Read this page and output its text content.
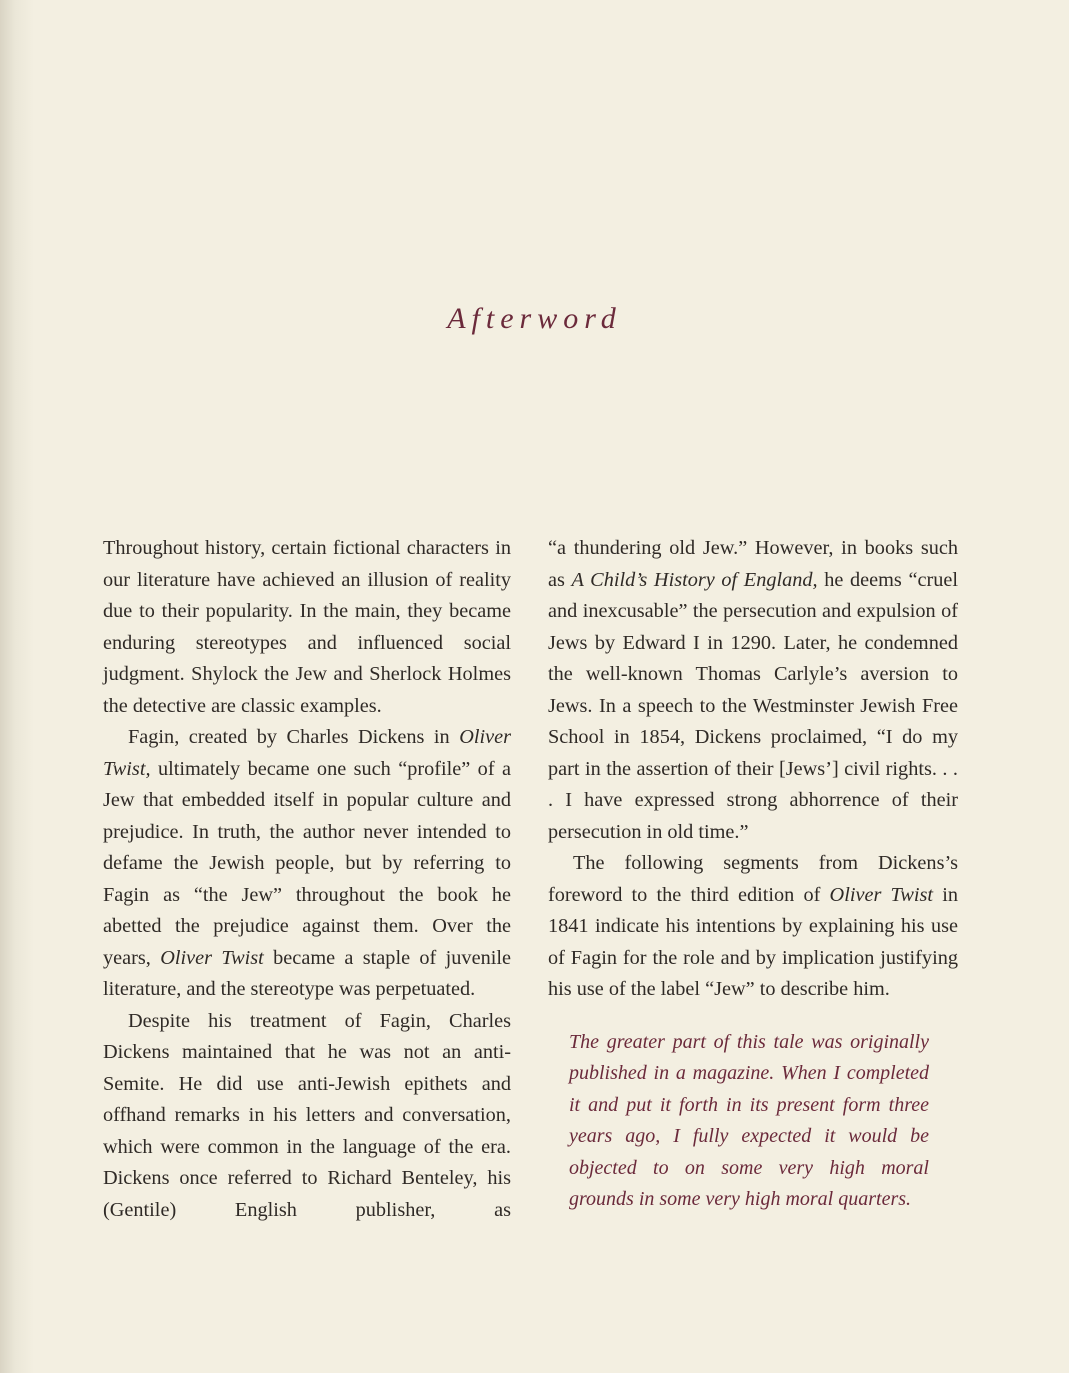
Afterword

Throughout history, certain fictional characters in our literature have achieved an illusion of reality due to their popularity. In the main, they became enduring stereotypes and influenced social judgment. Shylock the Jew and Sherlock Holmes the detective are classic examples.

Fagin, created by Charles Dickens in Oliver Twist, ultimately became one such “profile” of a Jew that embedded itself in popular culture and prejudice. In truth, the author never intended to defame the Jewish people, but by referring to Fagin as “the Jew” throughout the book he abetted the prejudice against them. Over the years, Oliver Twist became a staple of juvenile literature, and the stereotype was perpetuated.

Despite his treatment of Fagin, Charles Dickens maintained that he was not an anti-Semite. He did use anti-Jewish epithets and offhand remarks in his letters and conversation, which were common in the language of the era. Dickens once referred to Richard Benteley, his (Gentile) English publisher, as

“a thundering old Jew.” However, in books such as A Child’s History of England, he deems “cruel and inexcusable” the persecution and expulsion of Jews by Edward I in 1290. Later, he condemned the well-known Thomas Carlyle’s aversion to Jews. In a speech to the Westminster Jewish Free School in 1854, Dickens proclaimed, “I do my part in the assertion of their [Jews’] civil rights. . . . I have expressed strong abhorrence of their persecution in old time.”

The following segments from Dickens’s foreword to the third edition of Oliver Twist in 1841 indicate his intentions by explaining his use of Fagin for the role and by implication justifying his use of the label “Jew” to describe him.

The greater part of this tale was originally published in a magazine. When I completed it and put it forth in its present form three years ago, I fully expected it would be objected to on some very high moral grounds in some very high moral quarters.
